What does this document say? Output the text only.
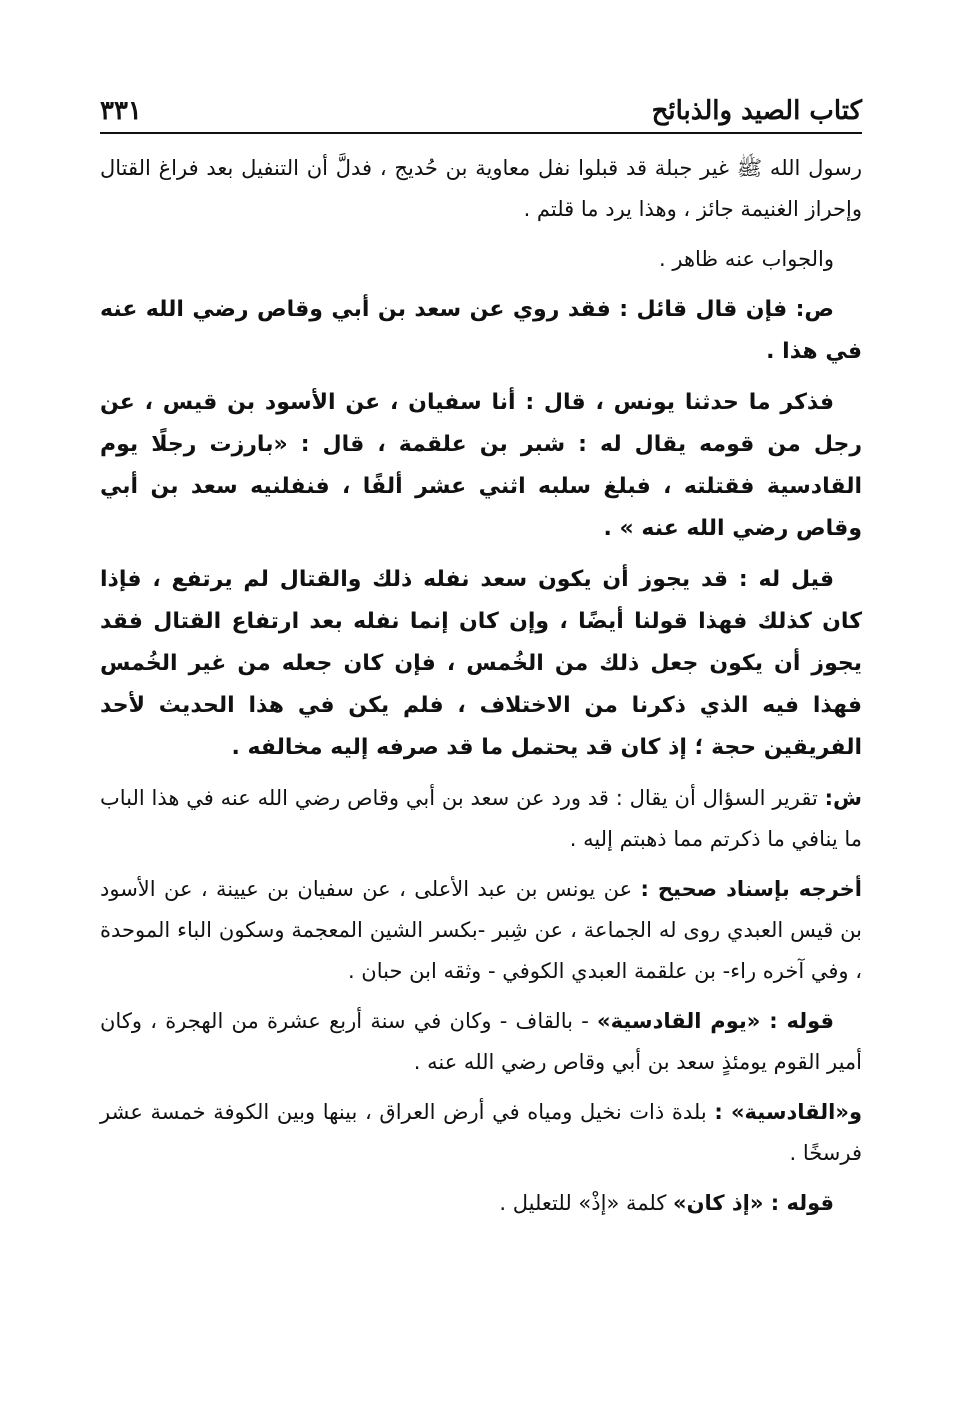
كتاب الصيد والذبائح
٣٣١

رسول الله ﷺ غير جبلة قد قبلوا نفل معاوية بن حُديج ، فدلَّ أن التنفيل بعد فراغ القتال وإحراز الغنيمة جائز ، وهذا يرد ما قلتم .

والجواب عنه ظاهر .

ص: فإن قال قائل : فقد روي عن سعد بن أبي وقاص رضي الله عنه في هذا .

فذكر ما حدثنا يونس ، قال : أنا سفيان ، عن الأسود بن قيس ، عن رجل من قومه يقال له : شبر بن علقمة ، قال : «بارزت رجلًا يوم القادسية فقتلته ، فبلغ سلبه اثني عشر ألفًا ، فنفلنيه سعد بن أبي وقاص رضي الله عنه » .

قيل له : قد يجوز أن يكون سعد نفله ذلك والقتال لم يرتفع ، فإذا كان كذلك فهذا قولنا أيضًا ، وإن كان إنما نفله بعد ارتفاع القتال فقد يجوز أن يكون جعل ذلك من الخُمس ، فإن كان جعله من غير الخُمس فهذا فيه الذي ذكرنا من الاختلاف ، فلم يكن في هذا الحديث لأحد الفريقين حجة ؛ إذ كان قد يحتمل ما قد صرفه إليه مخالفه .

ش: تقرير السؤال أن يقال : قد ورد عن سعد بن أبي وقاص رضي الله عنه في هذا الباب ما ينافي ما ذكرتم مما ذهبتم إليه .

أخرجه بإسناد صحيح : عن يونس بن عبد الأعلى ، عن سفيان بن عيينة ، عن الأسود بن قيس العبدي روى له الجماعة ، عن شِبر -بكسر الشين المعجمة وسكون الباء الموحدة ، وفي آخره راء- بن علقمة العبدي الكوفي - وثقه ابن حبان .

قوله : «يوم القادسية» - بالقاف - وكان في سنة أربع عشرة من الهجرة ، وكان أمير القوم يومئذٍ سعد بن أبي وقاص رضي الله عنه .

و«القادسية» : بلدة ذات نخيل ومياه في أرض العراق ، بينها وبين الكوفة خمسة عشر فرسخًا .

قوله : «إذ كان» كلمة «إذْ» للتعليل .
